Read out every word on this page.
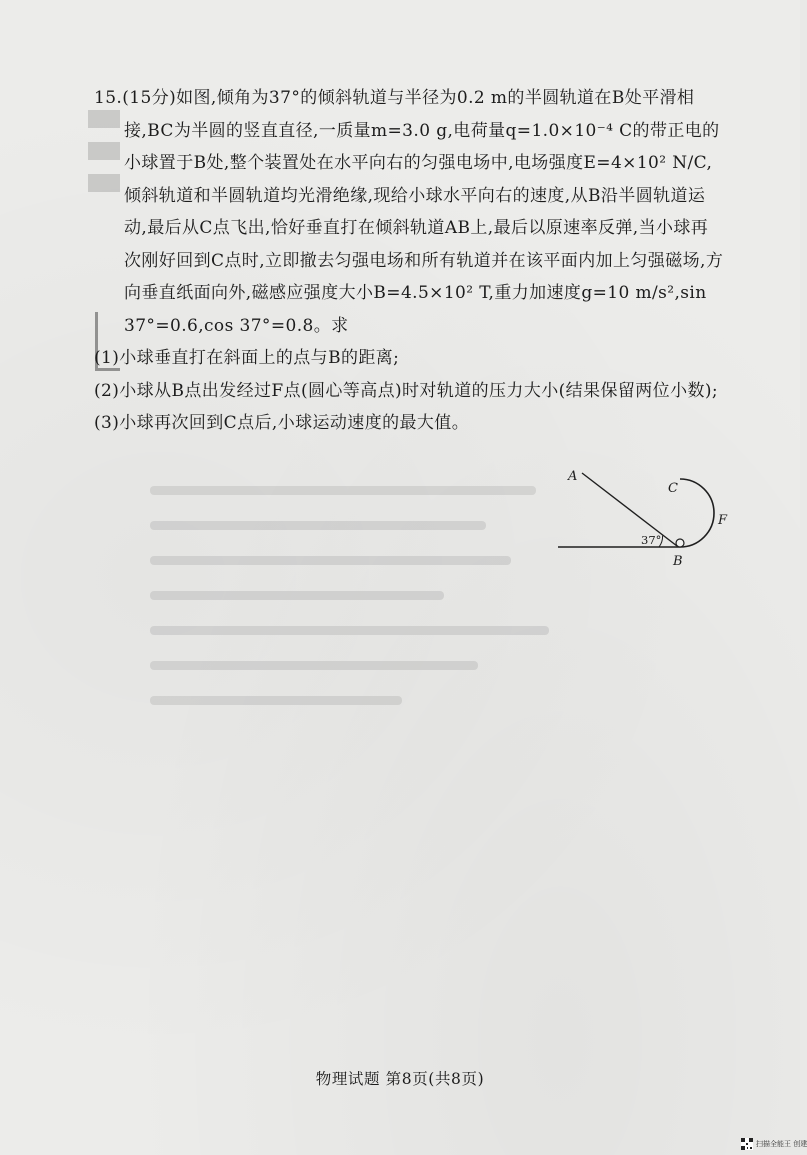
15.(15分)如图,倾角为37°的倾斜轨道与半径为0.2 m的半圆轨道在B处平滑相接,BC为半圆的竖直直径,一质量m=3.0 g,电荷量q=1.0×10⁻⁴ C的带正电的小球置于B处,整个装置处在水平向右的匀强电场中,电场强度E=4×10² N/C,倾斜轨道和半圆轨道均光滑绝缘,现给小球水平向右的速度,从B沿半圆轨道运动,最后从C点飞出,恰好垂直打在倾斜轨道AB上,最后以原速率反弹,当小球再次刚好回到C点时,立即撤去匀强电场和所有轨道并在该平面内加上匀强磁场,方向垂直纸面向外,磁感应强度大小B=4.5×10² T,重力加速度g=10 m/s²,sin 37°=0.6,cos 37°=0.8。求

(1)小球垂直打在斜面上的点与B的距离;

(2)小球从B点出发经过F点(圆心等高点)时对轨道的压力大小(结果保留两位小数);

(3)小球再次回到C点后,小球运动速度的最大值。

A
C
F
B
37°
物理试题 第8页(共8页)
扫描全能王 创建
